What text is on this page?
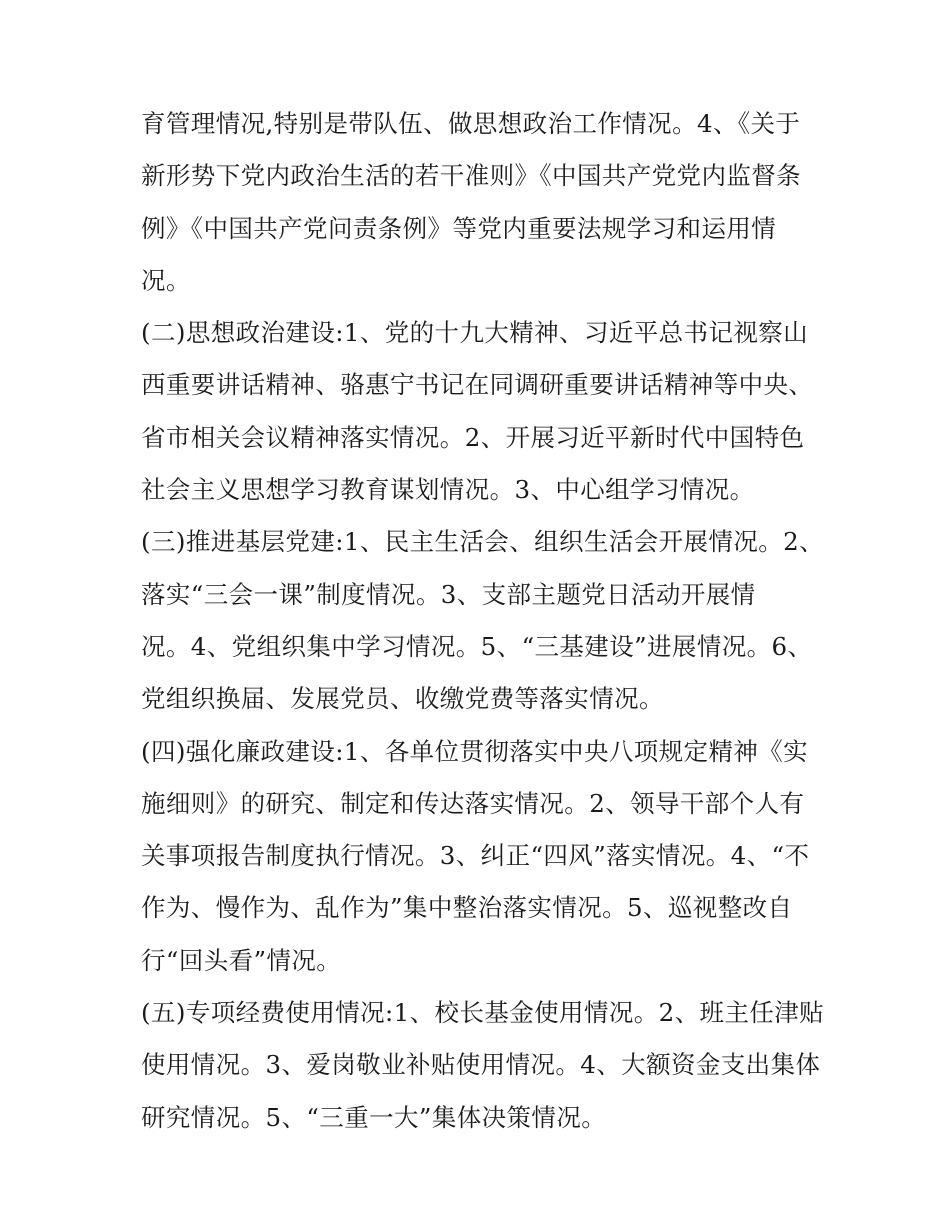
育管理情况,特别是带队伍、做思想政治工作情况。4、《关于
新形势下党内政治生活的若干准则》《中国共产党党内监督条
例》《中国共产党问责条例》等党内重要法规学习和运用情
况。
(二)思想政治建设:1、党的十九大精神、习近平总书记视察山
西重要讲话精神、骆惠宁书记在同调研重要讲话精神等中央、
省市相关会议精神落实情况。2、开展习近平新时代中国特色
社会主义思想学习教育谋划情况。3、中心组学习情况。
(三)推进基层党建:1、民主生活会、组织生活会开展情况。2、
落实“三会一课”制度情况。3、支部主题党日活动开展情
况。4、党组织集中学习情况。5、“三基建设”进展情况。6、
党组织换届、发展党员、收缴党费等落实情况。
(四)强化廉政建设:1、各单位贯彻落实中央八项规定精神《实
施细则》的研究、制定和传达落实情况。2、领导干部个人有
关事项报告制度执行情况。3、纠正“四风”落实情况。4、“不
作为、慢作为、乱作为”集中整治落实情况。5、巡视整改自
行“回头看”情况。
(五)专项经费使用情况:1、校长基金使用情况。2、班主任津贴
使用情况。3、爱岗敬业补贴使用情况。4、大额资金支出集体
研究情况。5、“三重一大”集体决策情况。
